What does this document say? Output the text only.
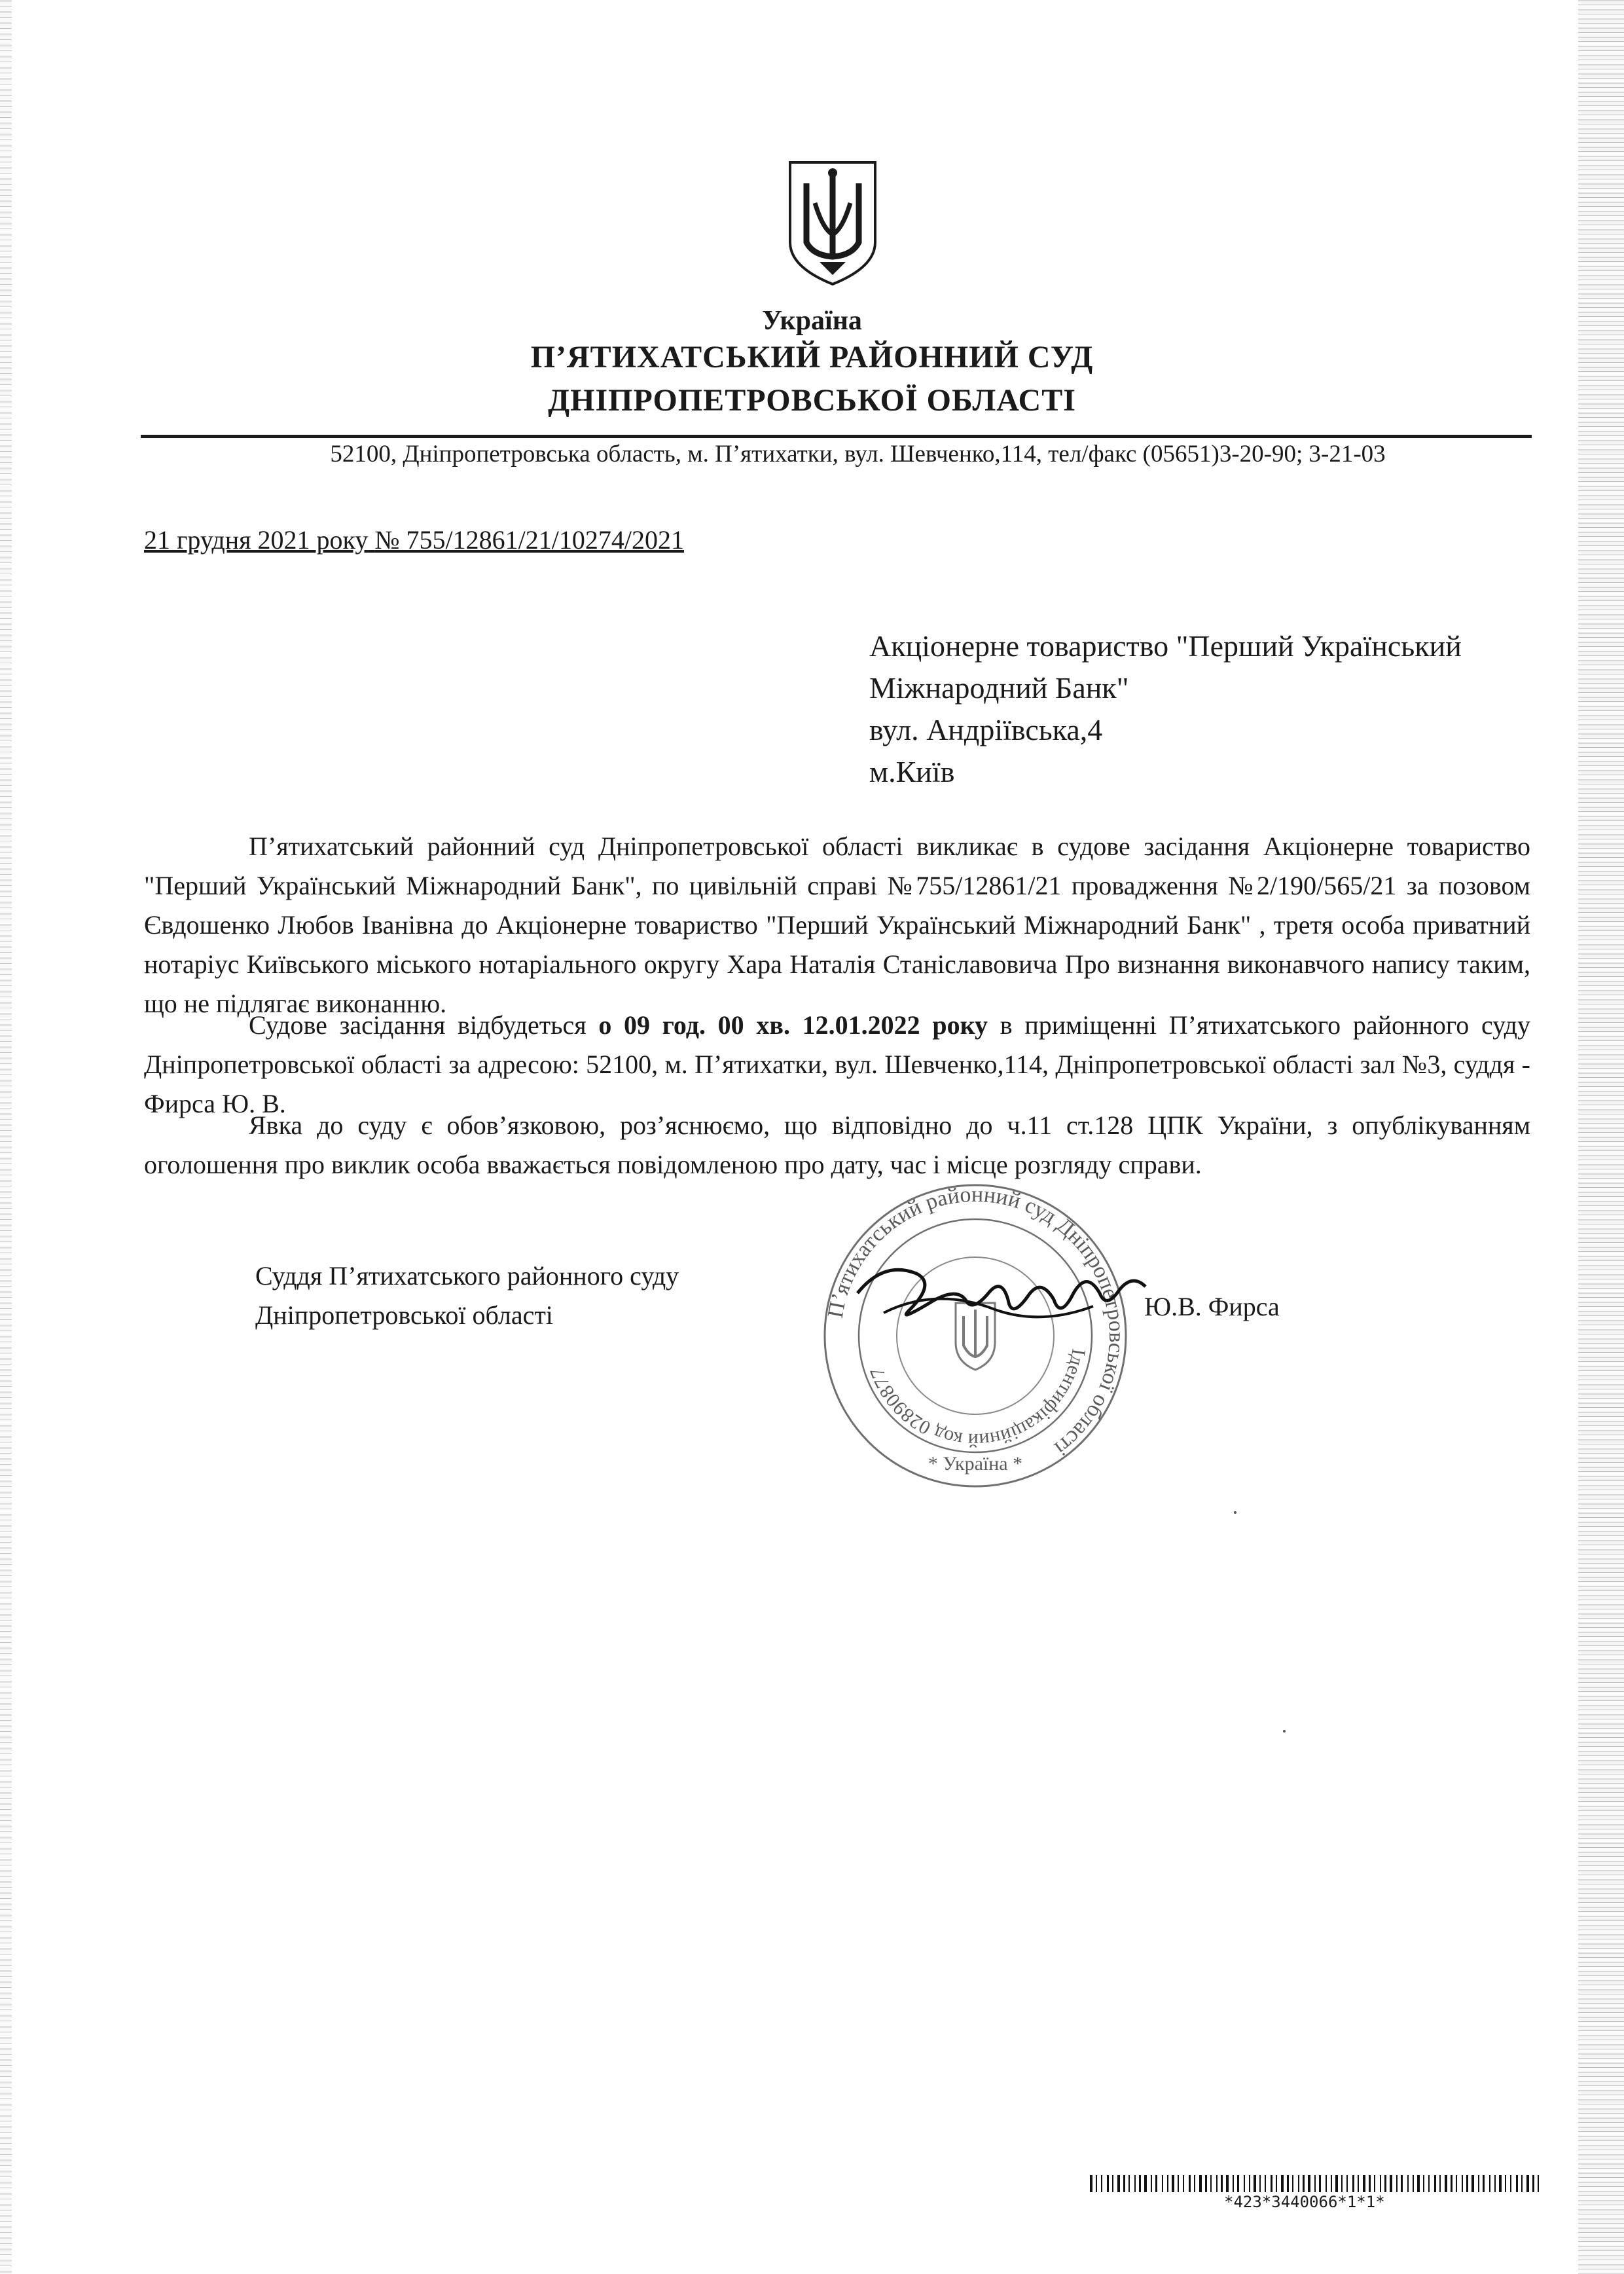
Україна
П’ЯТИХАТСЬКИЙ РАЙОННИЙ СУД
ДНІПРОПЕТРОВСЬКОЇ ОБЛАСТІ
52100, Дніпропетровська область, м. П’ятихатки, вул. Шевченко,114, тел/факс (05651)3-20-90; 3-21-03
21 грудня 2021 року № 755/12861/21/10274/2021
Акціонерне товариство "Перший Український
Міжнародний Банк"
вул. Андріївська,4
м.Київ

П’ятихатський районний суд Дніпропетровської області викликає в судове засідання Акціонерне товариство "Перший Український Міжнародний Банк", по цивільній справі №755/12861/21 провадження №2/190/565/21 за позовом Євдошенко Любов Іванівна до Акціонерне товариство "Перший Український Міжнародний Банк" , третя особа приватний нотаріус Київського міського нотаріального округу Хара Наталія Станіславовича Про визнання виконавчого напису таким, що не підлягає виконанню.

Судове засідання відбудеться о 09 год. 00 хв. 12.01.2022 року в приміщенні П’ятихатського районного суду Дніпропетровської області за адресою: 52100, м. П’ятихатки, вул. Шевченко,114, Дніпропетровської області зал №3, суддя - Фирса Ю. В.

Явка до суду є обов’язковою, роз’яснюємо, що відповідно до ч.11 ст.128 ЦПК України, з опублікуванням оголошення про виклик особа вважається повідомленою про дату, час і місце розгляду справи.

П’ятихатський районний суд Дніпропетровської області
Ідентифікаційний код 02890877
* Україна *
Суддя П’ятихатського районного суду
Дніпропетровської області	Ю.В. Фирса
*423*3440066*1*1*
